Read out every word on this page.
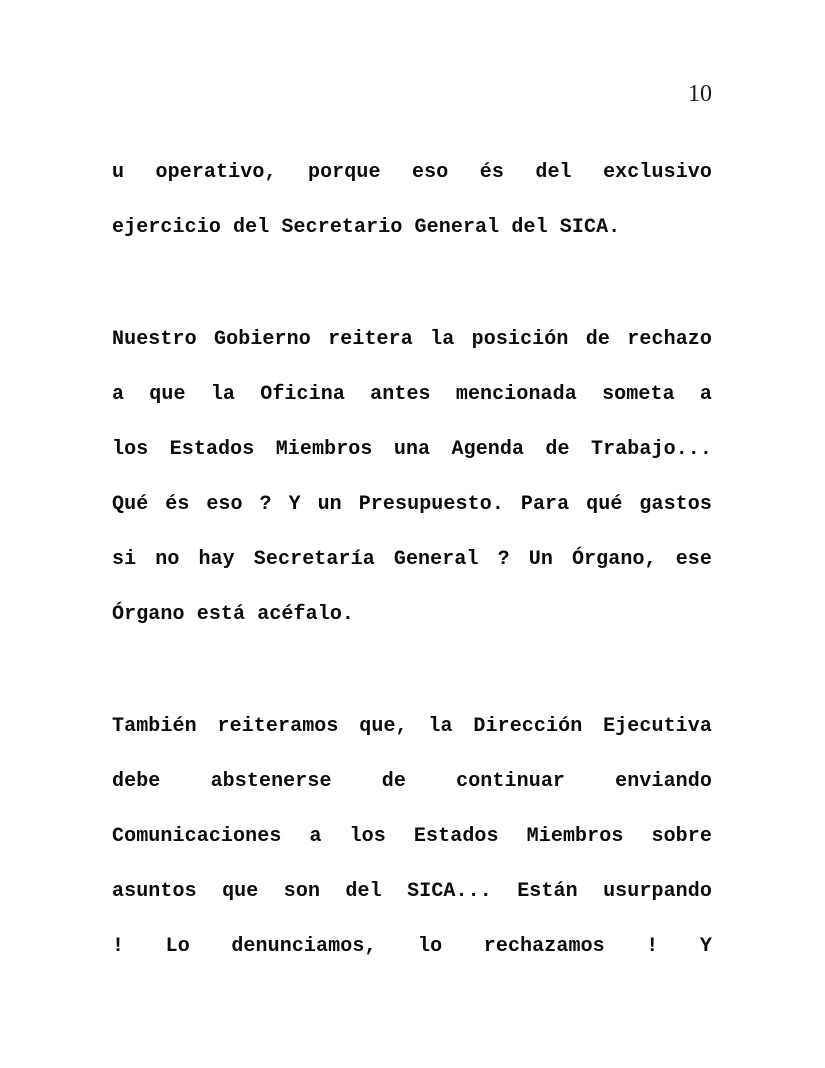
10
u operativo, porque eso és del exclusivo
ejercicio del Secretario General del SICA.
Nuestro Gobierno reitera la posición de rechazo
a que la Oficina antes mencionada someta a
los Estados Miembros una Agenda de Trabajo...
Qué és eso ? Y un Presupuesto. Para qué gastos
si no hay Secretaría General ? Un Órgano, ese
Órgano está acéfalo.
También reiteramos que, la Dirección Ejecutiva
debe abstenerse de continuar enviando
Comunicaciones a los Estados Miembros sobre
asuntos que son del SICA... Están usurpando
! Lo denunciamos, lo rechazamos ! Y
